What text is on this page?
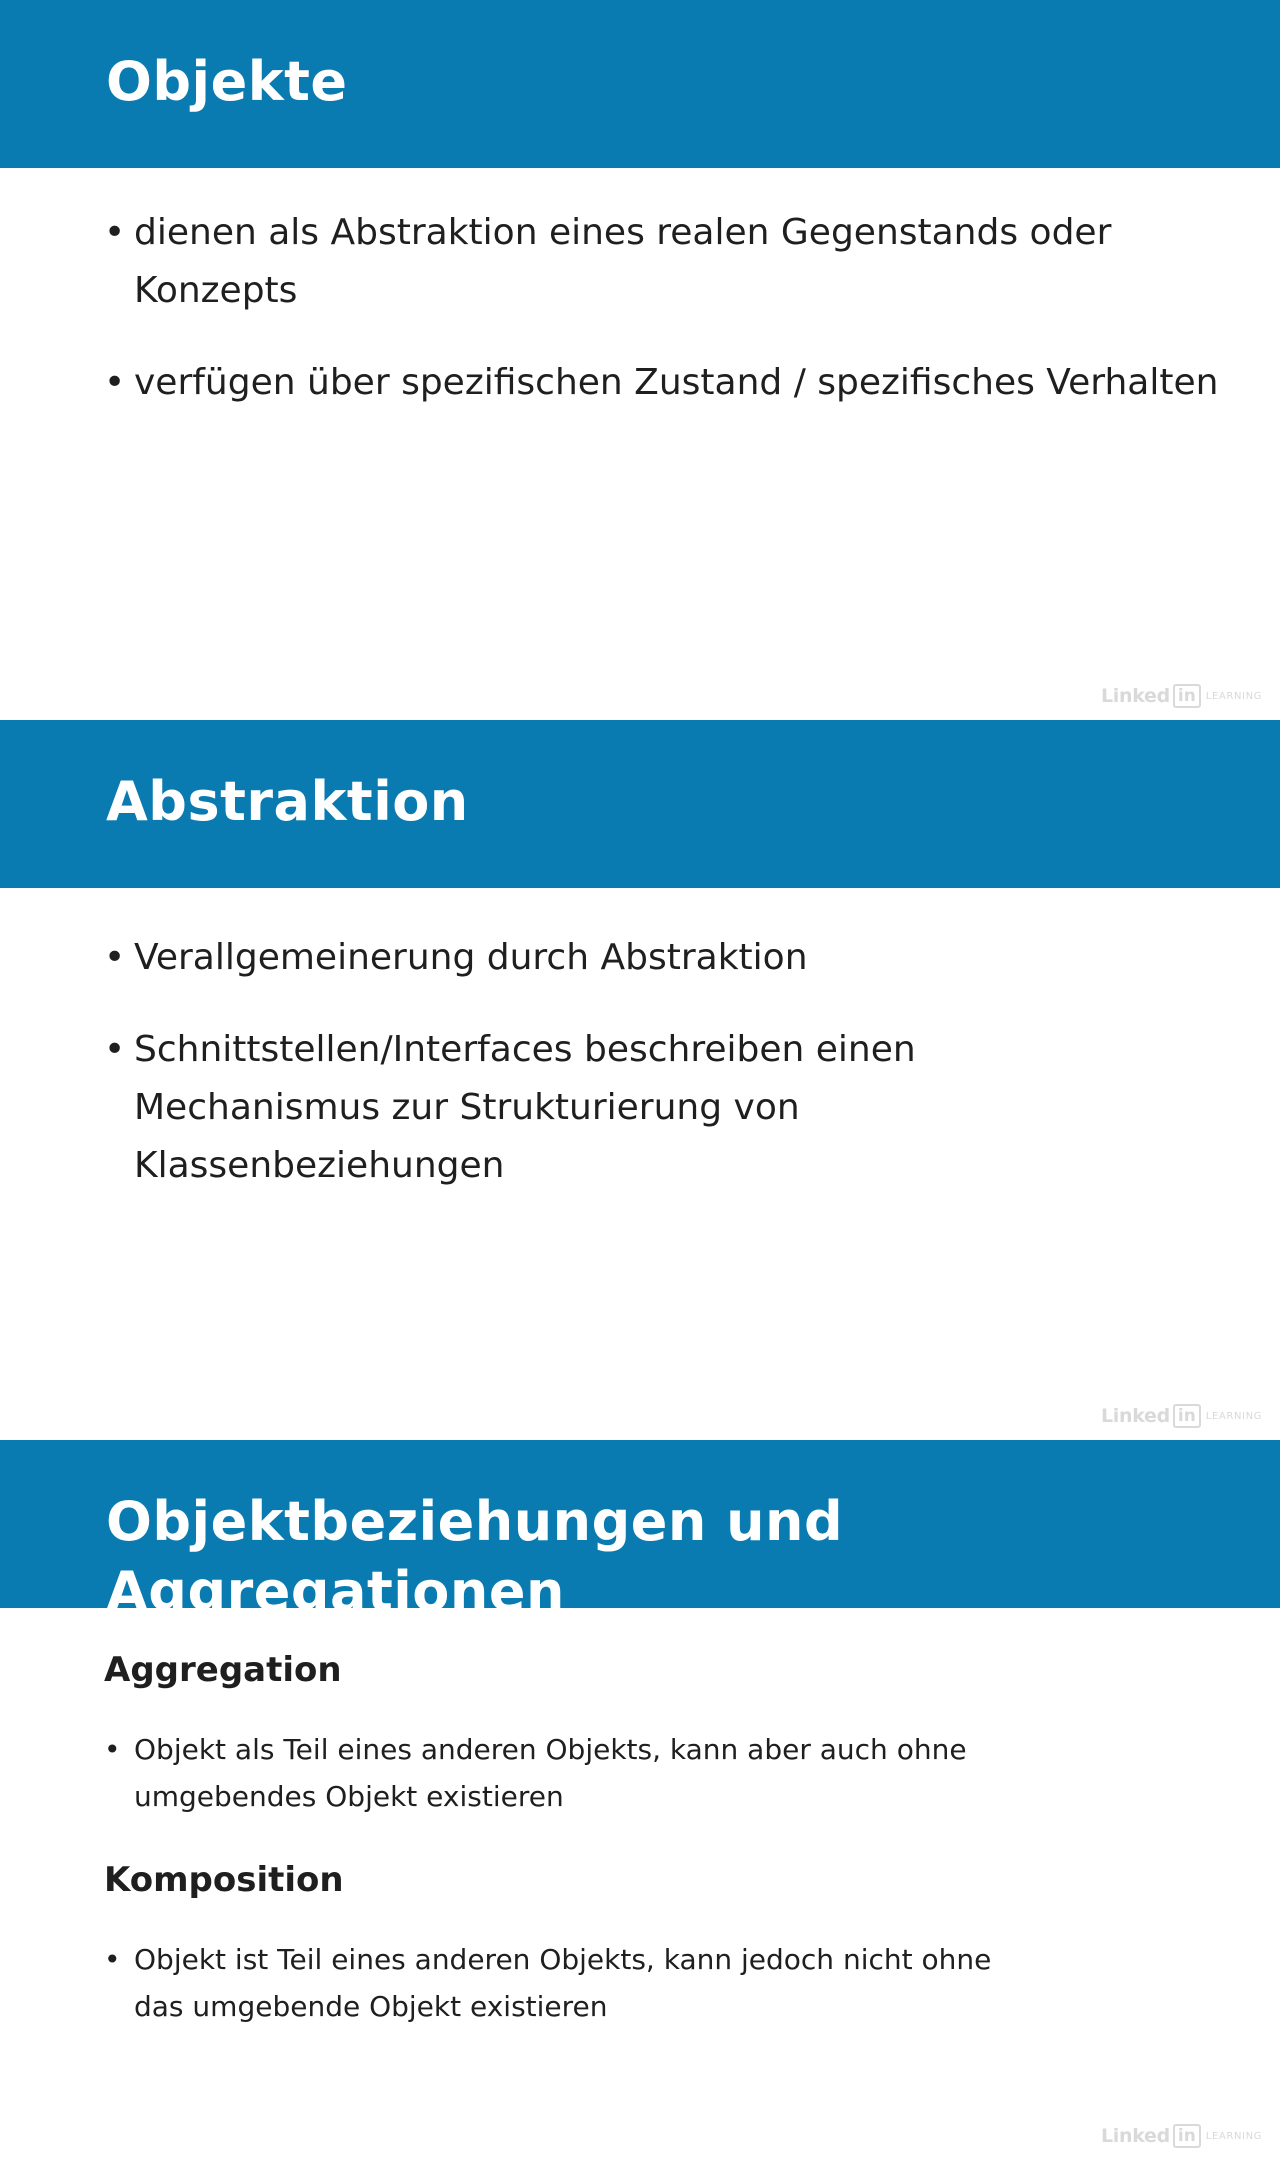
Objekte
• dienen als Abstraktion eines realen Gegenstands oder Konzepts
• verfügen über spezifischen Zustand / spezifisches Verhalten
Linked in	LEARNING
Abstraktion
• Verallgemeinerung durch Abstraktion
• Schnittstellen/Interfaces beschreiben einen Mechanismus zur Strukturierung von Klassenbeziehungen
Linked in	LEARNING
Objektbeziehungen und Aggregationen
Aggregation
• Objekt als Teil eines anderen Objekts, kann aber auch ohne umgebendes Objekt existieren
Komposition
• Objekt ist Teil eines anderen Objekts, kann jedoch nicht ohne das umgebende Objekt existieren
Linked in	LEARNING
